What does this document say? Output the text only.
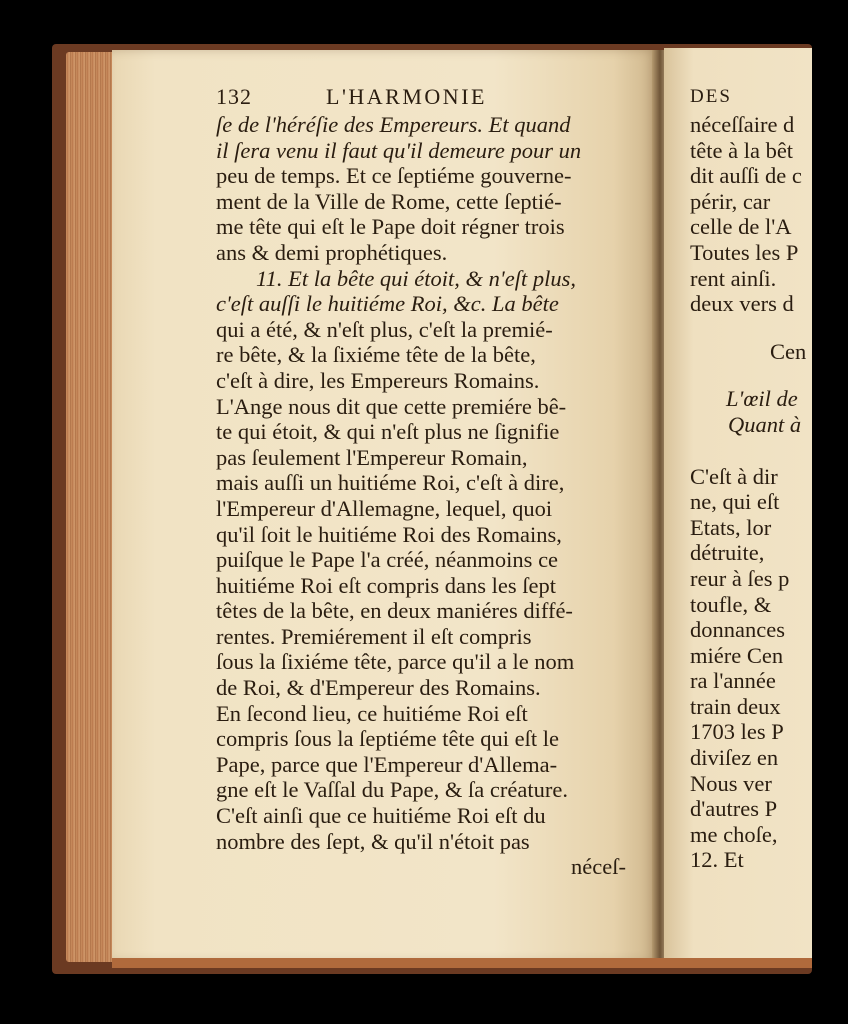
132	L'HARMONIE
ſe de l'héréſie des Empereurs. Et quand
il ſera venu il faut qu'il demeure pour un
peu de temps. Et ce ſeptiéme gouverne-
ment de la Ville de Rome, cette ſeptié-
me tête qui eſt le Pape doit régner trois
ans & demi prophétiques.
11. Et la bête qui étoit, & n'eſt plus,
c'eſt auſſi le huitiéme Roi, &c. La bête
qui a été, & n'eſt plus, c'eſt la premié-
re bête, & la ſixiéme tête de la bête,
c'eſt à dire, les Empereurs Romains.
L'Ange nous dit que cette premiére bê-
te qui étoit, & qui n'eſt plus ne ſignifie
pas ſeulement l'Empereur Romain,
mais auſſi un huitiéme Roi, c'eſt à dire,
l'Empereur d'Allemagne, lequel, quoi
qu'il ſoit le huitiéme Roi des Romains,
puiſque le Pape l'a créé, néanmoins ce
huitiéme Roi eſt compris dans les ſept
têtes de la bête, en deux maniéres diffé-
rentes. Premiérement il eſt compris
ſous la ſixiéme tête, parce qu'il a le nom
de Roi, & d'Empereur des Romains.
En ſecond lieu, ce huitiéme Roi eſt
compris ſous la ſeptiéme tête qui eſt le
Pape, parce que l'Empereur d'Allema-
gne eſt le Vaſſal du Pape, & ſa créature.
C'eſt ainſi que ce huitiéme Roi eſt du
nombre des ſept, & qu'il n'étoit pas
néceſ-
DES
néceſſaire d
tête à la bêt
dit auſſi de c
périr, car
celle de l'A
Toutes les P
rent ainſi.
deux vers d
Cen
L'œil de
Quant à
C'eſt à dir
ne, qui eſt
Etats, lor
détruite,
reur à ſes p
toufle, &
donnances
miére Cen
ra l'année
train deux
1703 les P
diviſez en
Nous ver
d'autres P
me choſe,
12. Et
